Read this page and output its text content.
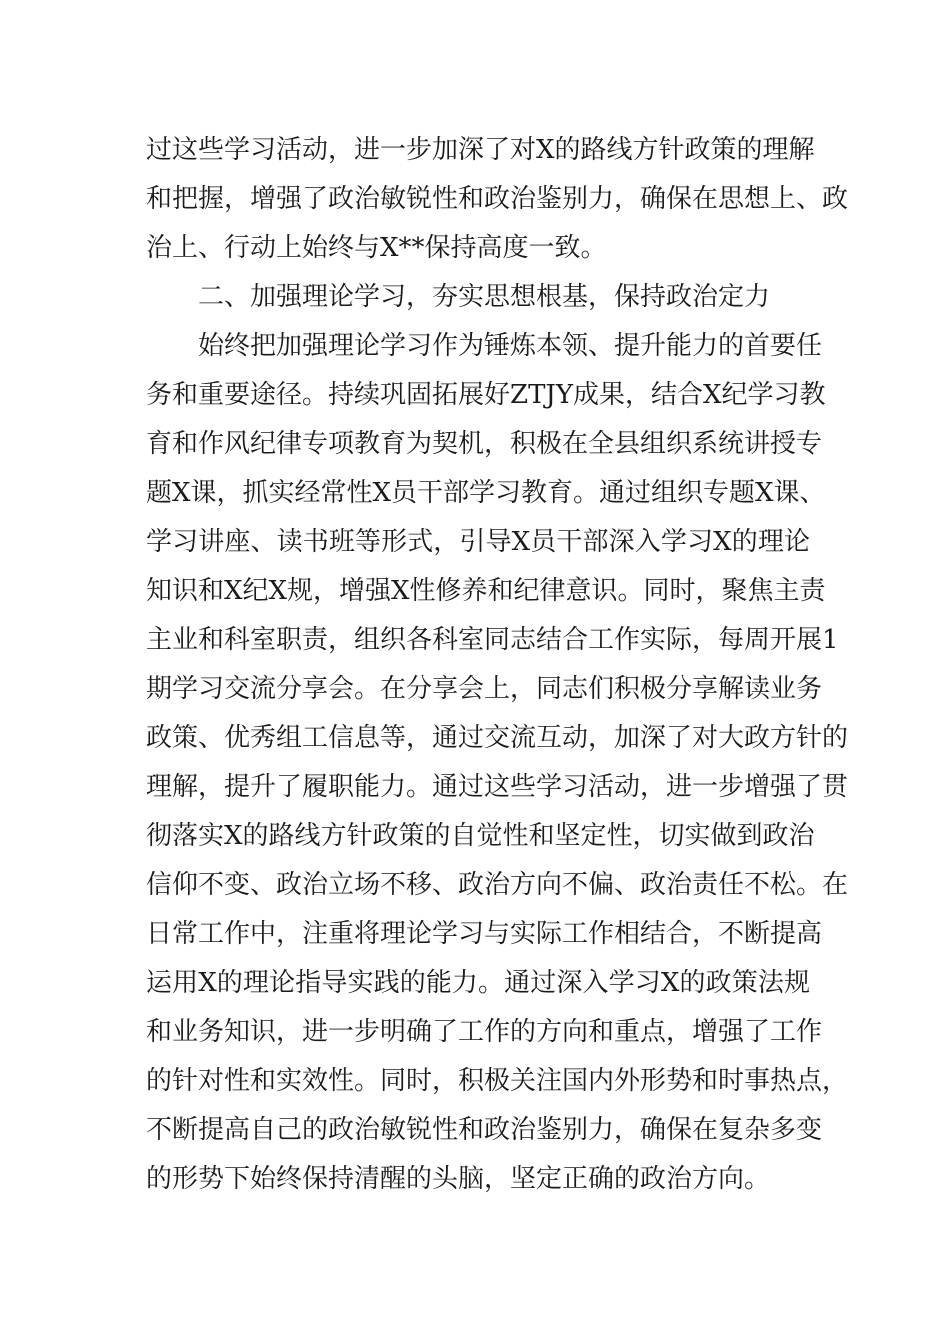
过这些学习活动，进一步加深了对X的路线方针政策的理解
和把握，增强了政治敏锐性和政治鉴别力，确保在思想上、政
治上、行动上始终与X**保持高度一致。
二、加强理论学习，夯实思想根基，保持政治定力
始终把加强理论学习作为锤炼本领、提升能力的首要任
务和重要途径。持续巩固拓展好ZTJY成果，结合X纪学习教
育和作风纪律专项教育为契机，积极在全县组织系统讲授专
题X课，抓实经常性X员干部学习教育。通过组织专题X课、
学习讲座、读书班等形式，引导X员干部深入学习X的理论
知识和X纪X规，增强X性修养和纪律意识。同时，聚焦主责
主业和科室职责，组织各科室同志结合工作实际，每周开展1
期学习交流分享会。在分享会上，同志们积极分享解读业务
政策、优秀组工信息等，通过交流互动，加深了对大政方针的
理解，提升了履职能力。通过这些学习活动，进一步增强了贯
彻落实X的路线方针政策的自觉性和坚定性，切实做到政治
信仰不变、政治立场不移、政治方向不偏、政治责任不松。在
日常工作中，注重将理论学习与实际工作相结合，不断提高
运用X的理论指导实践的能力。通过深入学习X的政策法规
和业务知识，进一步明确了工作的方向和重点，增强了工作
的针对性和实效性。同时，积极关注国内外形势和时事热点，
不断提高自己的政治敏锐性和政治鉴别力，确保在复杂多变
的形势下始终保持清醒的头脑，坚定正确的政治方向。
